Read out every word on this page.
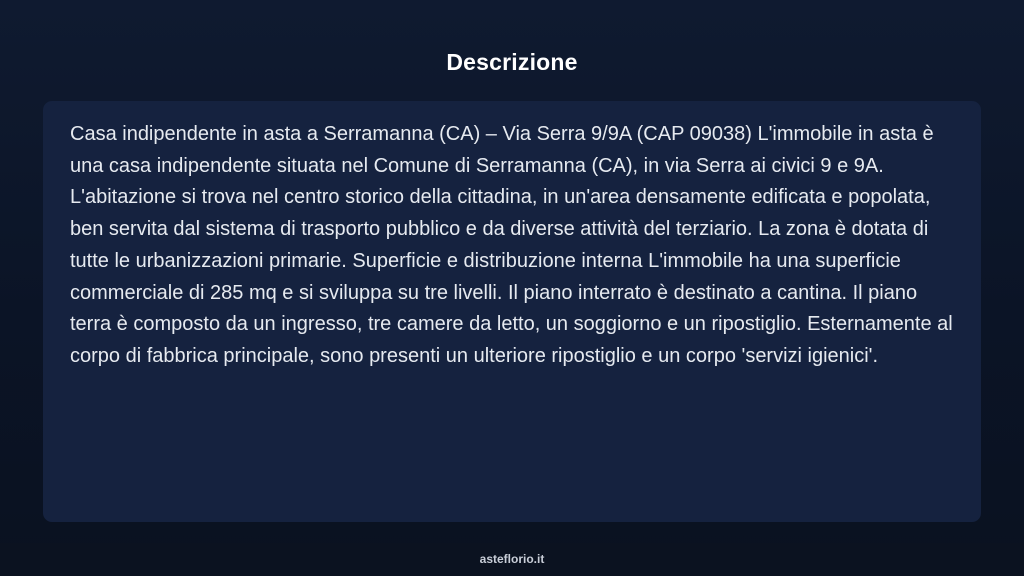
Descrizione

Casa indipendente in asta a Serramanna (CA) – Via Serra 9/9A (CAP 09038) L'immobile in asta è una casa indipendente situata nel Comune di Serramanna (CA), in via Serra ai civici 9 e 9A. L'abitazione si trova nel centro storico della cittadina, in un'area densamente edificata e popolata, ben servita dal sistema di trasporto pubblico e da diverse attività del terziario. La zona è dotata di tutte le urbanizzazioni primarie. Superficie e distribuzione interna L'immobile ha una superficie commerciale di 285 mq e si sviluppa su tre livelli. Il piano interrato è destinato a cantina. Il piano terra è composto da un ingresso, tre camere da letto, un soggiorno e un ripostiglio. Esternamente al corpo di fabbrica principale, sono presenti un ulteriore ripostiglio e un corpo 'servizi igienici'.

asteflorio.it
